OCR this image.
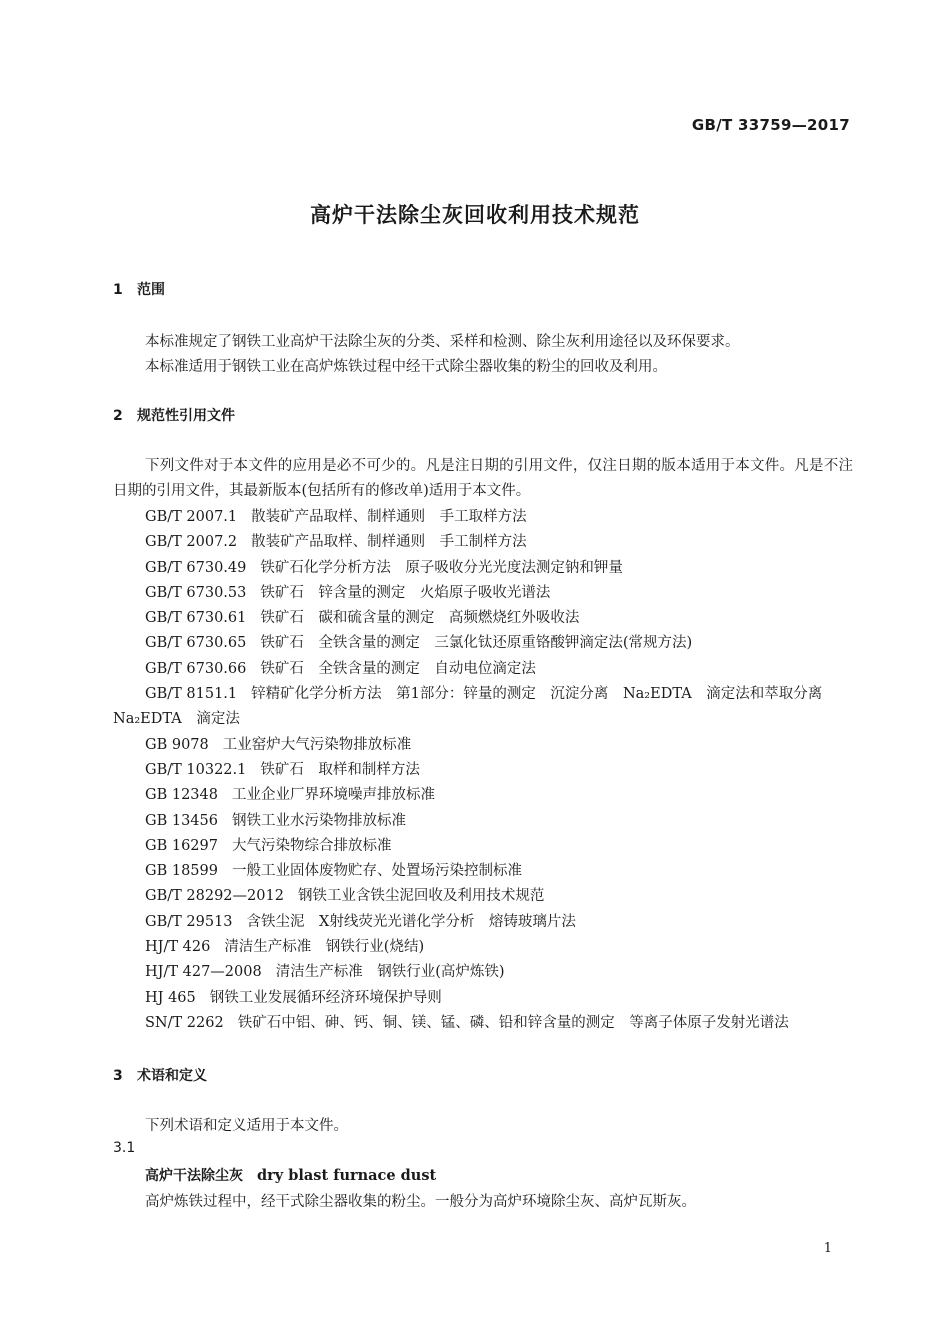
GB/T 33759—2017
高炉干法除尘灰回收利用技术规范
1 范围
本标准规定了钢铁工业高炉干法除尘灰的分类、采样和检测、除尘灰利用途径以及环保要求。
本标准适用于钢铁工业在高炉炼铁过程中经干式除尘器收集的粉尘的回收及利用。
2 规范性引用文件

下列文件对于本文件的应用是必不可少的。凡是注日期的引用文件，仅注日期的版本适用于本文件。凡是不注日期的引用文件，其最新版本(包括所有的修改单)适用于本文件。

GB/T 2007.1 散装矿产品取样、制样通则　手工取样方法
GB/T 2007.2 散装矿产品取样、制样通则　手工制样方法
GB/T 6730.49 铁矿石化学分析方法　原子吸收分光光度法测定钠和钾量
GB/T 6730.53 铁矿石　锌含量的测定　火焰原子吸收光谱法
GB/T 6730.61 铁矿石　碳和硫含量的测定　高频燃烧红外吸收法
GB/T 6730.65 铁矿石　全铁含量的测定　三氯化钛还原重铬酸钾滴定法(常规方法)
GB/T 6730.66 铁矿石　全铁含量的测定　自动电位滴定法
GB/T 8151.1 锌精矿化学分析方法　第1部分：锌量的测定　沉淀分离 Na₂EDTA 滴定法和萃取分离 Na₂EDTA 滴定法
GB 9078 工业窑炉大气污染物排放标准
GB/T 10322.1 铁矿石　取样和制样方法
GB 12348 工业企业厂界环境噪声排放标准
GB 13456 钢铁工业水污染物排放标准
GB 16297 大气污染物综合排放标准
GB 18599 一般工业固体废物贮存、处置场污染控制标准
GB/T 28292—2012 钢铁工业含铁尘泥回收及利用技术规范
GB/T 29513 含铁尘泥　X射线荧光光谱化学分析　熔铸玻璃片法
HJ/T 426 清洁生产标准　钢铁行业(烧结)
HJ/T 427—2008 清洁生产标准　钢铁行业(高炉炼铁)
HJ 465 钢铁工业发展循环经济环境保护导则
SN/T 2262 铁矿石中铝、砷、钙、铜、镁、锰、磷、铅和锌含量的测定　等离子体原子发射光谱法
3 术语和定义
下列术语和定义适用于本文件。
3.1
高炉干法除尘灰 dry blast furnace dust
高炉炼铁过程中，经干式除尘器收集的粉尘。一般分为高炉环境除尘灰、高炉瓦斯灰。
1
